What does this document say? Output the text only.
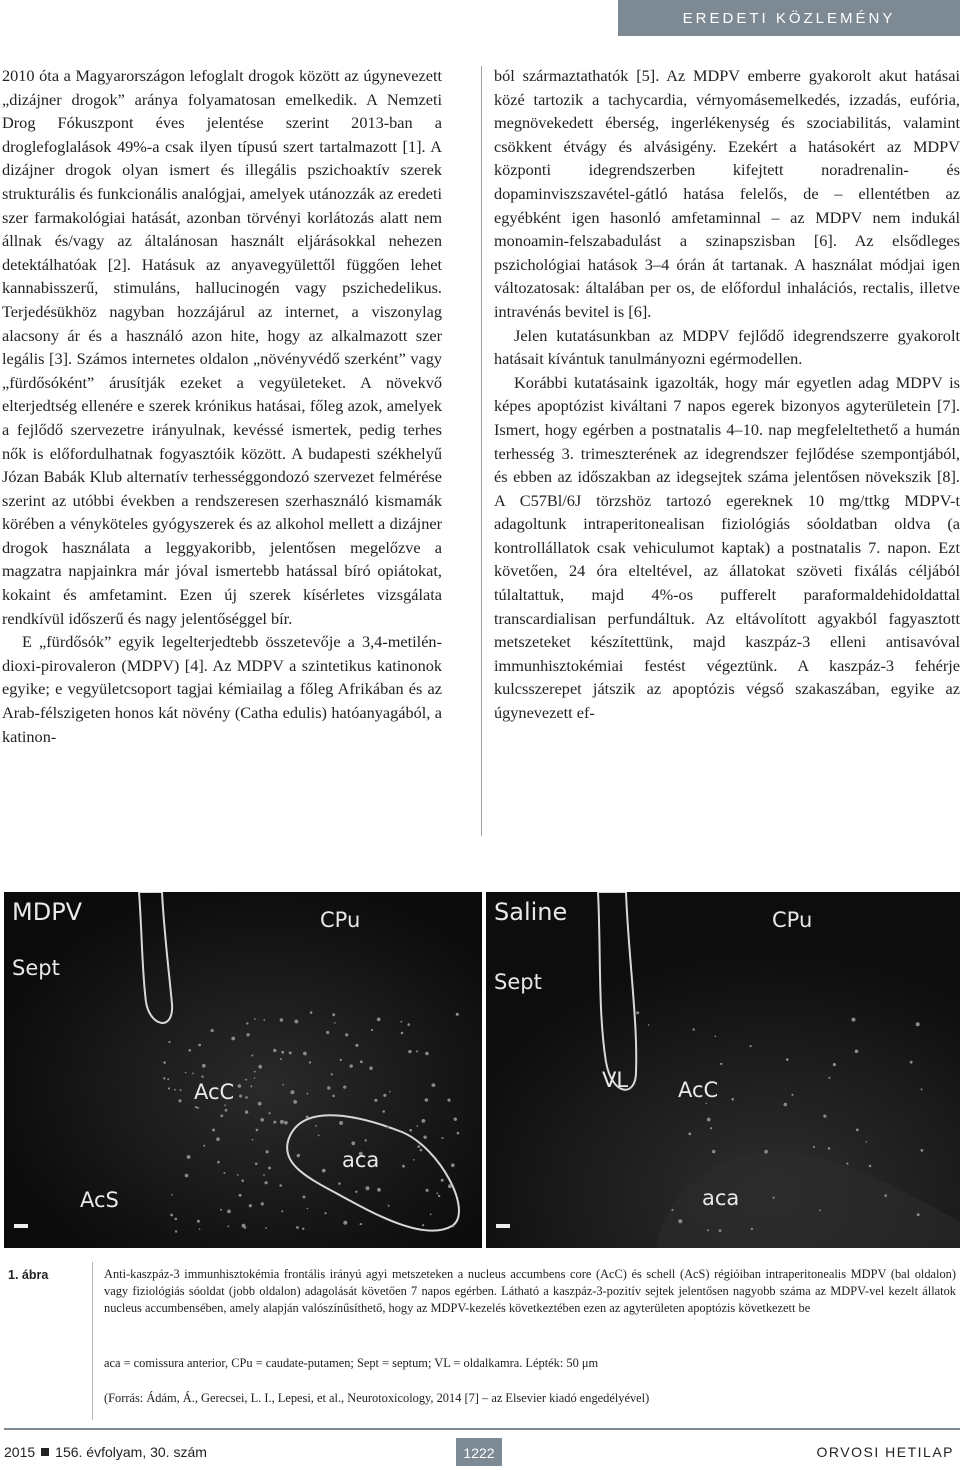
EREDETI KÖZLEMÉNY

2010 óta a Magyarországon lefoglalt drogok között az úgynevezett „dizájner drogok” aránya folyamatosan emelkedik. A Nemzeti Drog Fókuszpont éves jelentése szerint 2013-ban a droglefoglalások 49%-a csak ilyen típusú szert tartalmazott [1]. A dizájner drogok olyan ismert és illegális pszichoaktív szerek strukturális és funkcionális analógjai, amelyek utánozzák az eredeti szer farmakológiai hatását, azonban törvényi korlátozás alatt nem állnak és/vagy az általánosan használt eljárásokkal nehezen detektálhatóak [2]. Hatásuk az anyavegyülettől függően lehet kannabisszerű, stimuláns, hallucinogén vagy pszichedelikus. Terjedésükhöz nagyban hozzájárul az internet, a viszonylag alacsony ár és a használó azon hite, hogy az alkalmazott szer legális [3]. Számos internetes oldalon „növényvédő szerként” vagy „fürdősóként” árusítják ezeket a vegyületeket. A növekvő elterjedtség ellenére e szerek krónikus hatásai, főleg azok, amelyek a fejlődő szervezetre irányulnak, kevéssé ismertek, pedig terhes nők is előfordulhatnak fogyasztóik között. A budapesti székhelyű Józan Babák Klub alternatív terhességgondozó szervezet felmérése szerint az utóbbi években a rendszeresen szerhasználó kismamák körében a vényköteles gyógyszerek és az alkohol mellett a dizájner drogok használata a leggyakoribb, jelentősen megelőzve a magzatra napjainkra már jóval ismertebb hatással bíró opiátokat, kokaint és amfetamint. Ezen új szerek kísérletes vizsgálata rendkívül időszerű és nagy jelentőséggel bír.

E „fürdősók” egyik legelterjedtebb összetevője a 3,4-metilén-dioxi-pirovaleron (MDPV) [4]. Az MDPV a szintetikus katinonok egyike; e vegyületcsoport tagjai kémiailag a főleg Afrikában és az Arab-félszigeten honos kát növény (Catha edulis) hatóanyagából, a katinon-

ból származtathatók [5]. Az MDPV emberre gyakorolt akut hatásai közé tartozik a tachycardia, vérnyomásemelkedés, izzadás, eufória, megnövekedett éberség, ingerlékenység és szociabilitás, valamint csökkent étvágy és alvásigény. Ezekért a hatásokért az MDPV központi idegrendszerben kifejtett noradrenalin- és dopaminviszszavétel-gátló hatása felelős, de – ellentétben az egyébként igen hasonló amfetaminnal – az MDPV nem indukál monoamin-felszabadulást a szinapszisban [6]. Az elsődleges pszichológiai hatások 3–4 órán át tartanak. A használat módjai igen változatosak: általában per os, de előfordul inhalációs, rectalis, illetve intravénás bevitel is [6].

Jelen kutatásunkban az MDPV fejlődő idegrendszerre gyakorolt hatásait kívántuk tanulmányozni egérmodellen.

Korábbi kutatásaink igazolták, hogy már egyetlen adag MDPV is képes apoptózist kiváltani 7 napos egerek bizonyos agyterületein [7]. Ismert, hogy egérben a postnatalis 4–10. nap megfeleltethető a humán terhesség 3. trimeszterének az idegrendszer fejlődése szempontjából, és ebben az időszakban az idegsejtek száma jelentősen növekszik [8]. A C57Bl/6J törzshöz tartozó egereknek 10 mg/ttkg MDPV-t adagoltunk intraperitonealisan fiziológiás sóoldatban oldva (a kontrollállatok csak vehiculumot kaptak) a postnatalis 7. napon. Ezt követően, 24 óra elteltével, az állatokat szöveti fixálás céljából túlaltattuk, majd 4%-os pufferelt paraformaldehidoldattal transcardialisan perfundáltuk. Az eltávolított agyakból fagyasztott metszeteket készítettünk, majd kaszpáz-3 elleni antisavóval immunhisztokémiai festést végeztünk. A kaszpáz-3 fehérje kulcsszerepet játszik az apoptózis végső szakaszában, egyike az úgynevezett ef-

MDPV	CPu
Sept
AcC
aca
AcS
Saline	CPu
Sept
VL AcC
aca
1. ábra	Anti-kaszpáz-3 immunhisztokémia frontális irányú agyi metszeteken a nucleus accumbens core (AcC) és schell (AcS) régióiban intraperitonealis MDPV (bal oldalon) vagy fiziológiás sóoldat (jobb oldalon) adagolását követően 7 napos egérben. Látható a kaszpáz-3-pozitív sejtek jelentősen nagyobb száma az MDPV-vel kezelt állatok nucleus accumbensében, amely alapján valószínűsíthető, hogy az MDPV-kezelés következtében ezen az agyterületen apoptózis következett be

aca = comissura anterior, CPu = caudate-putamen; Sept = septum; VL = oldalkamra. Lépték: 50 μm

(Forrás: Ádám, Á., Gerecsei, L. I., Lepesi, et al., Neurotoxicology, 2014 [7] – az Elsevier kiadó engedélyével)

2015 156. évfolyam, 30. szám	1222	ORVOSI HETILAP
